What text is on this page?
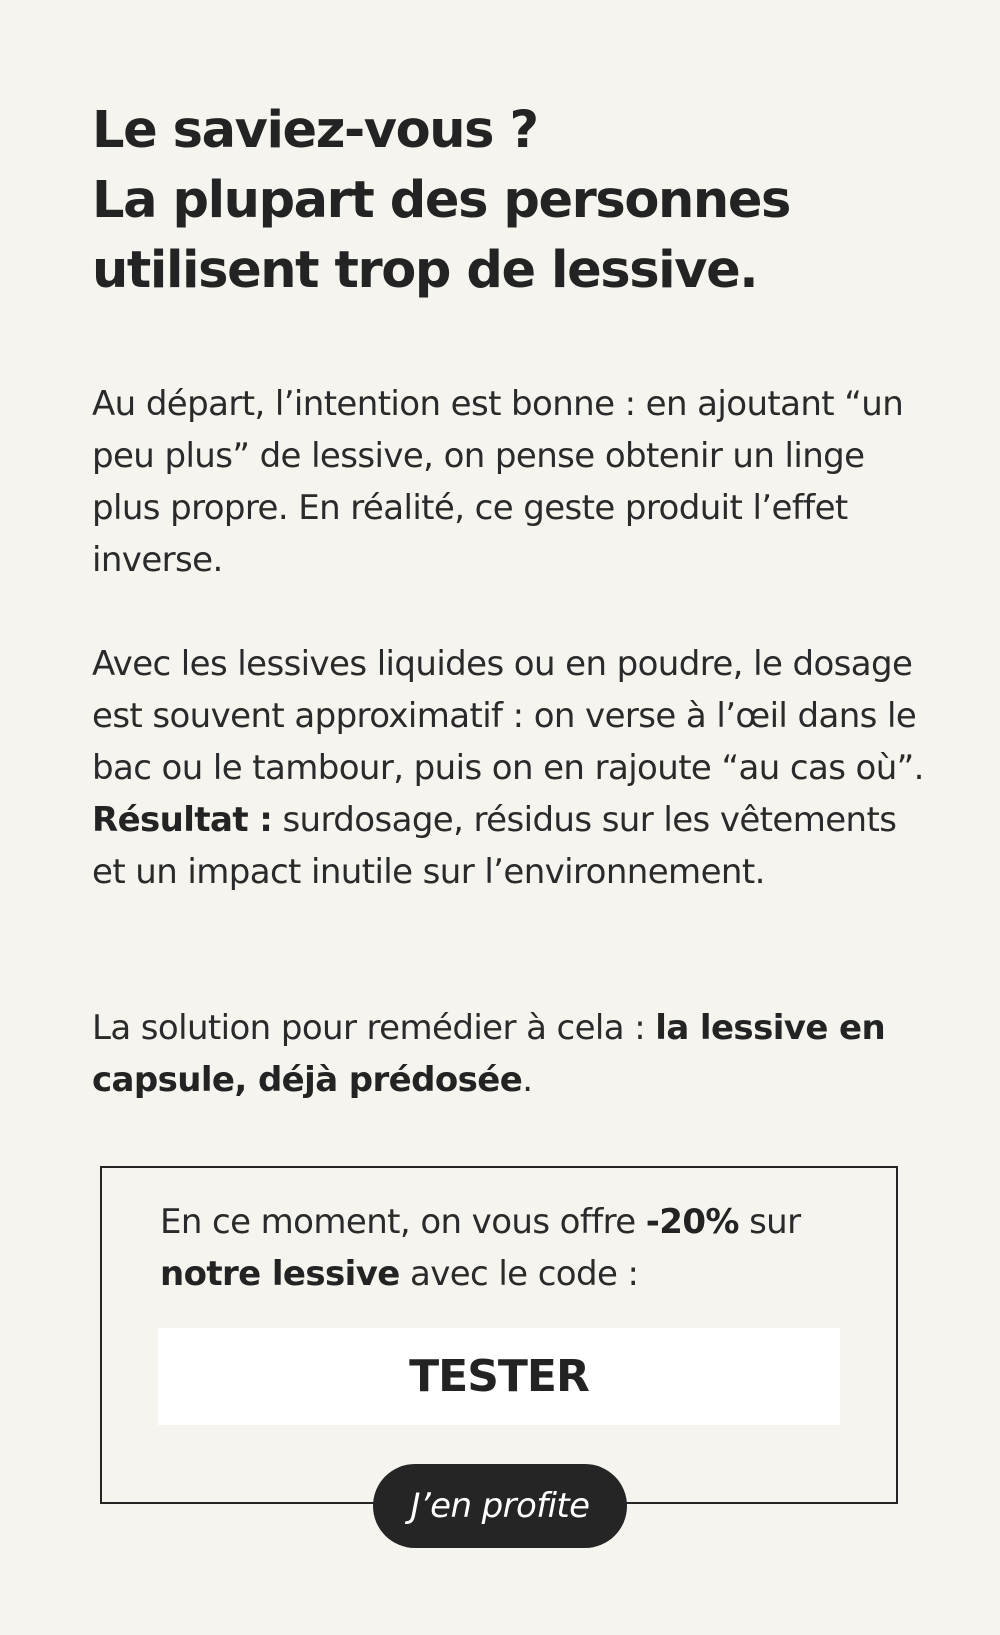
Le saviez-vous ?
La plupart des personnes
utilisent trop de lessive.

Au départ, l’intention est bonne : en ajoutant “un peu plus” de lessive, on pense obtenir un linge plus propre. En réalité, ce geste produit l’effet inverse.

Avec les lessives liquides ou en poudre, le dosage est souvent approximatif : on verse à l’œil dans le bac ou le tambour, puis on en rajoute “au cas où”.
Résultat : surdosage, résidus sur les vêtements et un impact inutile sur l’environnement.

La solution pour remédier à cela : la lessive en capsule, déjà prédosée.

En ce moment, on vous offre -20% sur
notre lessive avec le code :

TESTER
J’en profite
